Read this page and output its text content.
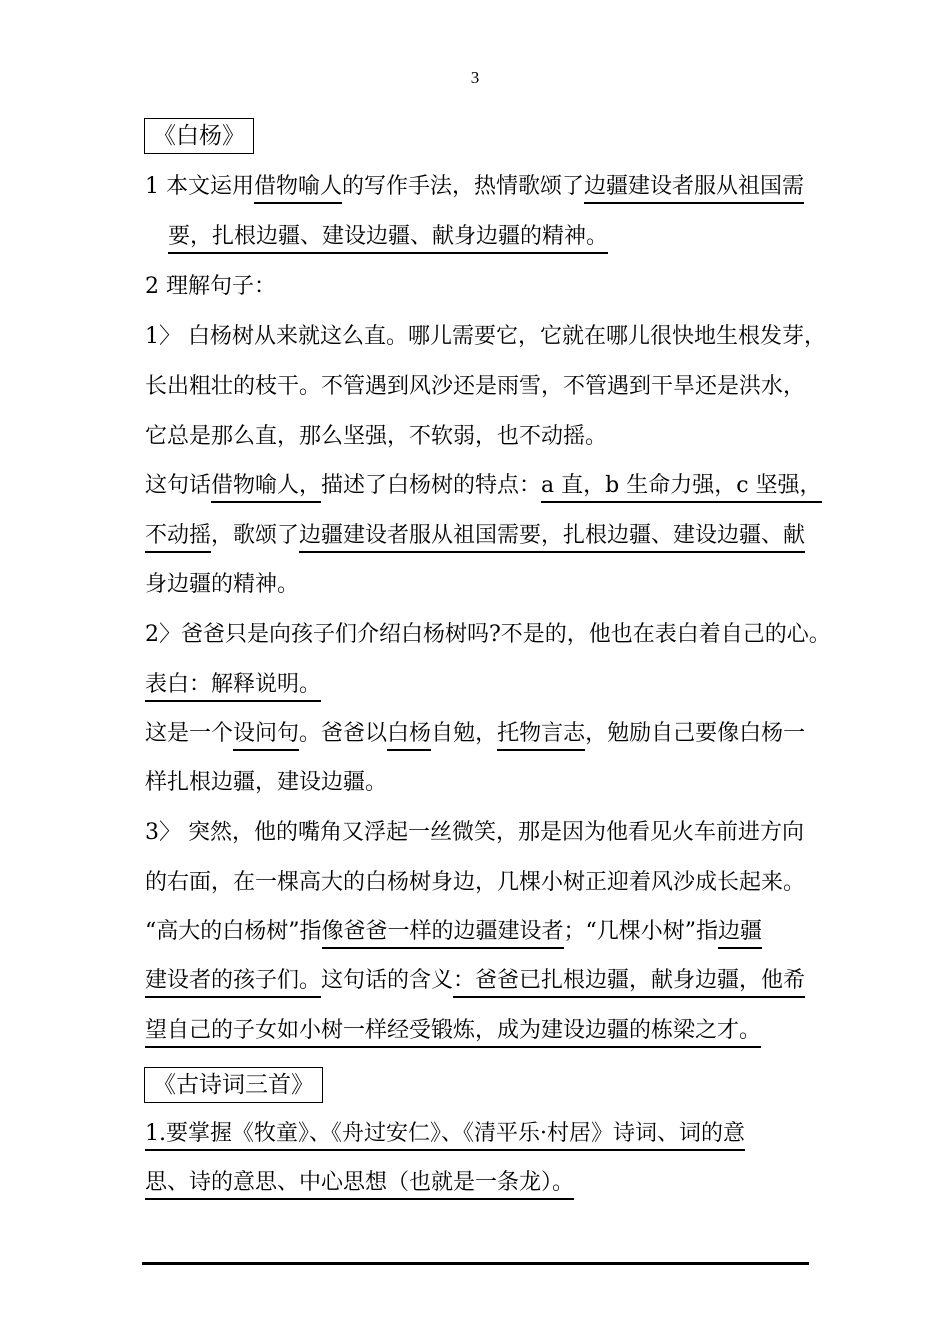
3
《白杨》
1 本文运用借物喻人的写作手法，热情歌颂了边疆建设者服从祖国需
要，扎根边疆、建设边疆、献身边疆的精神。
2 理解句子：
1〉 白杨树从来就这么直。哪儿需要它，它就在哪儿很快地生根发芽，
长出粗壮的枝干。不管遇到风沙还是雨雪，不管遇到干旱还是洪水，
它总是那么直，那么坚强，不软弱，也不动摇。
这句话借物喻人，描述了白杨树的特点：a 直，b 生命力强，c 坚强，
不动摇，歌颂了边疆建设者服从祖国需要，扎根边疆、建设边疆、献
身边疆的精神。
2〉爸爸只是向孩子们介绍白杨树吗?不是的，他也在表白着自己的心。
表白：解释说明。
这是一个设问句。爸爸以白杨自勉，托物言志，勉励自己要像白杨一
样扎根边疆，建设边疆。
3〉 突然，他的嘴角又浮起一丝微笑，那是因为他看见火车前进方向
的右面，在一棵高大的白杨树身边，几棵小树正迎着风沙成长起来。
“高大的白杨树”指像爸爸一样的边疆建设者；“几棵小树”指边疆
建设者的孩子们。这句话的含义：爸爸已扎根边疆，献身边疆，他希
望自己的子女如小树一样经受锻炼，成为建设边疆的栋梁之才。
《古诗词三首》
1.要掌握《牧童》、《舟过安仁》、《清平乐·村居》诗词、词的意
思、诗的意思、中心思想（也就是一条龙）。
